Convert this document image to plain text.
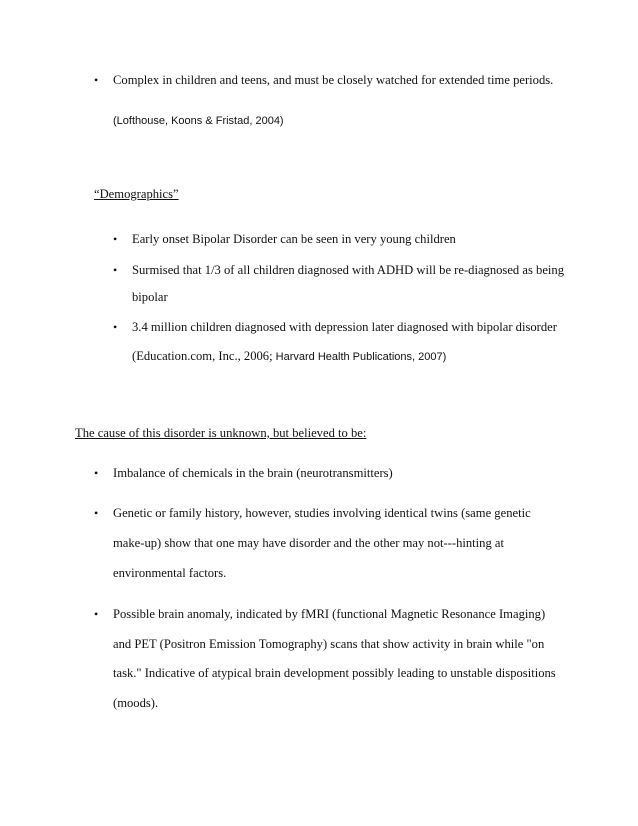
• Complex in children and teens, and must be closely watched for extended time periods.
(Lofthouse, Koons & Fristad, 2004)
“Demographics”
• Early onset Bipolar Disorder can be seen in very young children
• Surmised that 1/3 of all children diagnosed with ADHD will be re-diagnosed as being
bipolar
• 3.4 million children diagnosed with depression later diagnosed with bipolar disorder
(Education.com, Inc., 2006; Harvard Health Publications, 2007)
The cause of this disorder is unknown, but believed to be:
• Imbalance of chemicals in the brain (neurotransmitters)
• Genetic or family history, however, studies involving identical twins (same genetic
make-up) show that one may have disorder and the other may not---hinting at
environmental factors.
• Possible brain anomaly, indicated by fMRI (functional Magnetic Resonance Imaging)
and PET (Positron Emission Tomography) scans that show activity in brain while "on
task." Indicative of atypical brain development possibly leading to unstable dispositions
(moods).
